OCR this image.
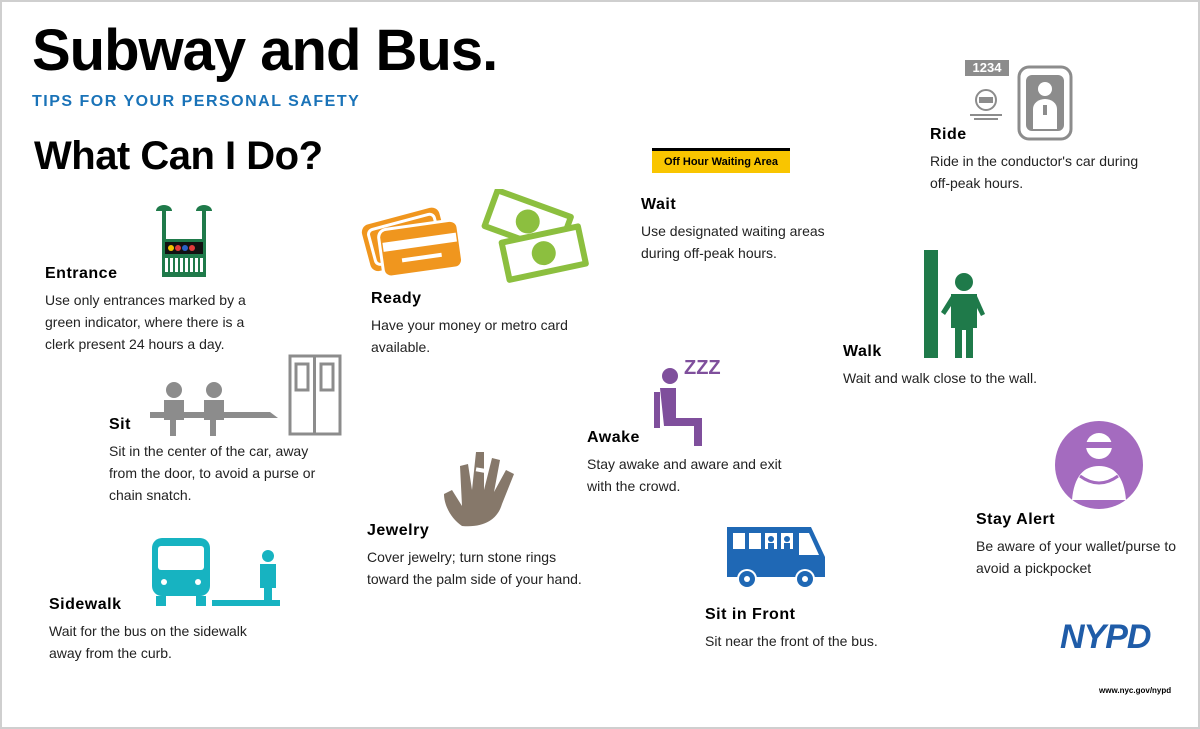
Subway and Bus.
TIPS FOR YOUR PERSONAL SAFETY
What Can I Do?
Entrance
Use only entrances marked by a green indicator, where there is a clerk present 24 hours a day.
Ready
Have your money or metro card available.
Off Hour Waiting Area
Wait
Use designated waiting areas during off-peak hours.
1234
Ride
Ride in the conductor's car during off-peak hours.
Walk
Wait and walk close to the wall.
Sit
Sit in the center of the car, away from the door, to avoid a purse or chain snatch.
ZZZ
Awake
Stay awake and aware and exit with the crowd.
Jewelry
Cover jewelry; turn stone rings toward the palm side of your hand.
Stay Alert
Be aware of your wallet/purse to avoid a pickpocket
Sidewalk
Wait for the bus on the sidewalk away from the curb.
Sit in Front
Sit near the front of the bus.	NYPD
www.nyc.gov/nypd
